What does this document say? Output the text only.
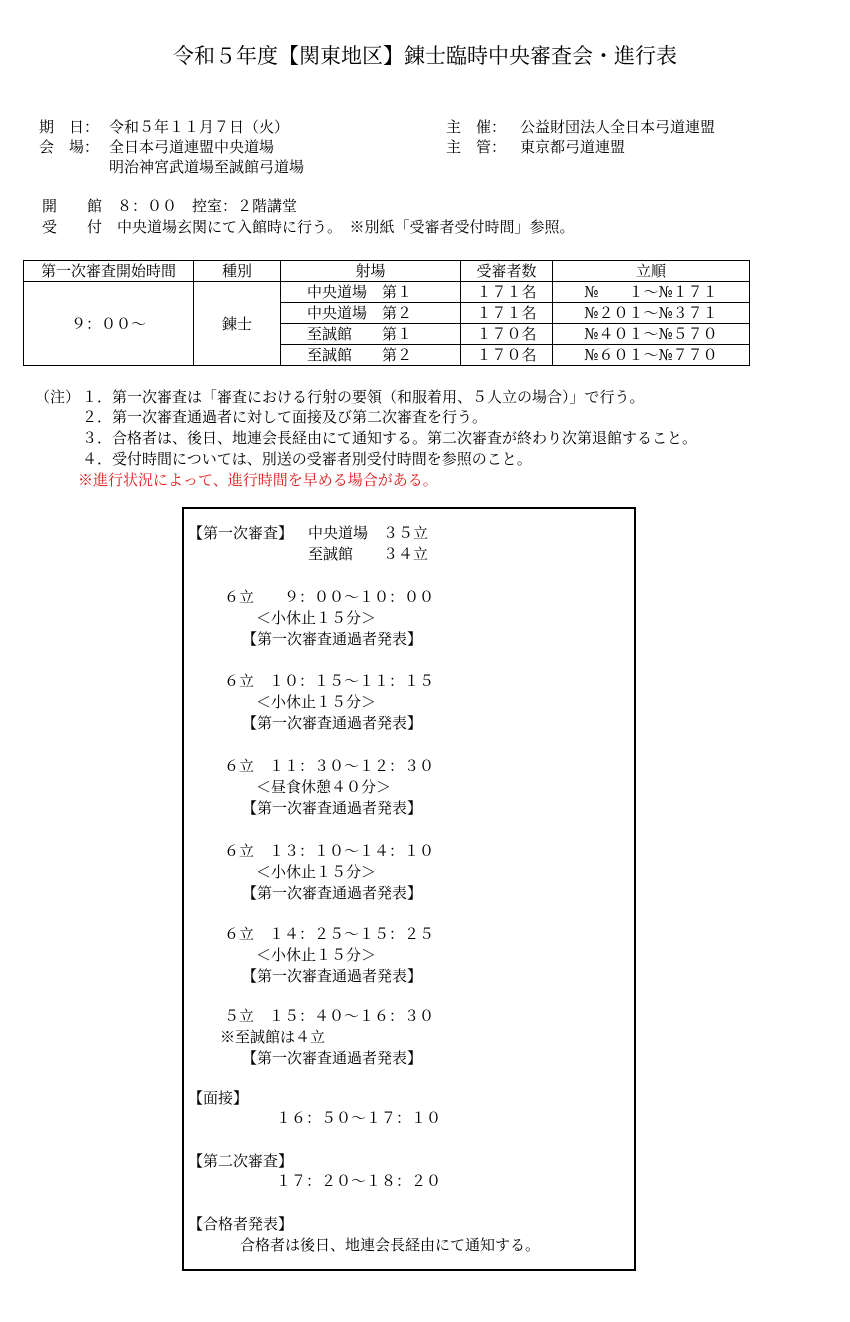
令和５年度【関東地区】錬士臨時中央審査会・進行表
期　日： 令和５年１１月７日（火）
会　場： 全日本弓道連盟中央道場
明治神宮武道場至誠館弓道場
主　催： 公益財団法人全日本弓道連盟
主　管： 東京都弓道連盟
開　　館　８：００　控室：２階講堂
受　　付　中央道場玄関にて入館時に行う。　※別紙「受審者受付時間」参照。
第一次審査開始時間	種別	射場	受審者数	立順
９：００～	錬士	中央道場　第１	１７１名	№　　１～№１７１
		中央道場　第２	１７１名	№２０１～№３７１
		至誠館　　第１	１７０名	№４０１～№５７０
		至誠館　　第２	１７０名	№６０１～№７７０
（注） １．第一次審査は「審査における行射の要領（和服着用、５人立の場合）」で行う。
２．第一次審査通過者に対して面接及び第二次審査を行う。
３．合格者は、後日、地連会長経由にて通知する。第二次審査が終わり次第退館すること。
４．受付時間については、別送の受審者別受付時間を参照のこと。
※進行状況によって、進行時間を早める場合がある。
【第一次審査】 中央道場　３５立
至誠館　　３４立
６立　　９：００～１０：００
＜小休止１５分＞
【第一次審査通過者発表】
６立　１０：１５～１１：１５
＜小休止１５分＞
【第一次審査通過者発表】
６立　１１：３０～１２：３０
＜昼食休憩４０分＞
【第一次審査通過者発表】
６立　１３：１０～１４：１０
＜小休止１５分＞
【第一次審査通過者発表】
６立　１４：２５～１５：２５
＜小休止１５分＞
【第一次審査通過者発表】
５立　１５：４０～１６：３０
※至誠館は４立
【第一次審査通過者発表】
【面接】
１６：５０～１７：１０
【第二次審査】
１７：２０～１８：２０
【合格者発表】
合格者は後日、地連会長経由にて通知する。
